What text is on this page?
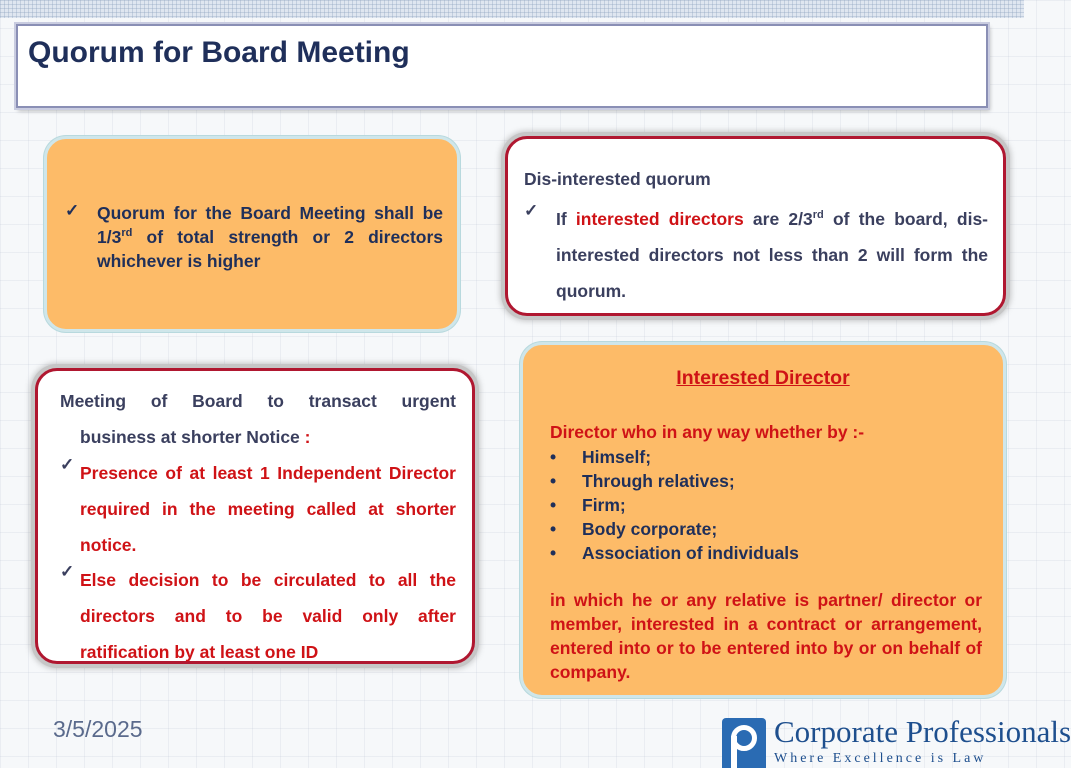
Quorum for Board Meeting
✓	Quorum for the Board Meeting shall be 1/3rd of total strength or 2 directors whichever is higher
Dis-interested quorum
✓	If interested directors are 2/3rd of the board, dis-interested directors not less than 2 will form the quorum.
Meeting of Board to transact urgent
business at shorter Notice :
✓ Presence of at least 1 Independent Director required in the meeting called at shorter notice.
✓ Else decision to be circulated to all the directors and to be valid only after ratification by at least one ID
Interested Director
Director who in any way whether by :-
•	Himself;
•	Through relatives;
•	Firm;
•	Body corporate;
•	Association of individuals
in which he or any relative is partner/ director or member, interested in a contract or arrangement, entered into or to be entered into by or on behalf of company.
3/5/2025	Corporate Professionals
Where Excellence is Law
